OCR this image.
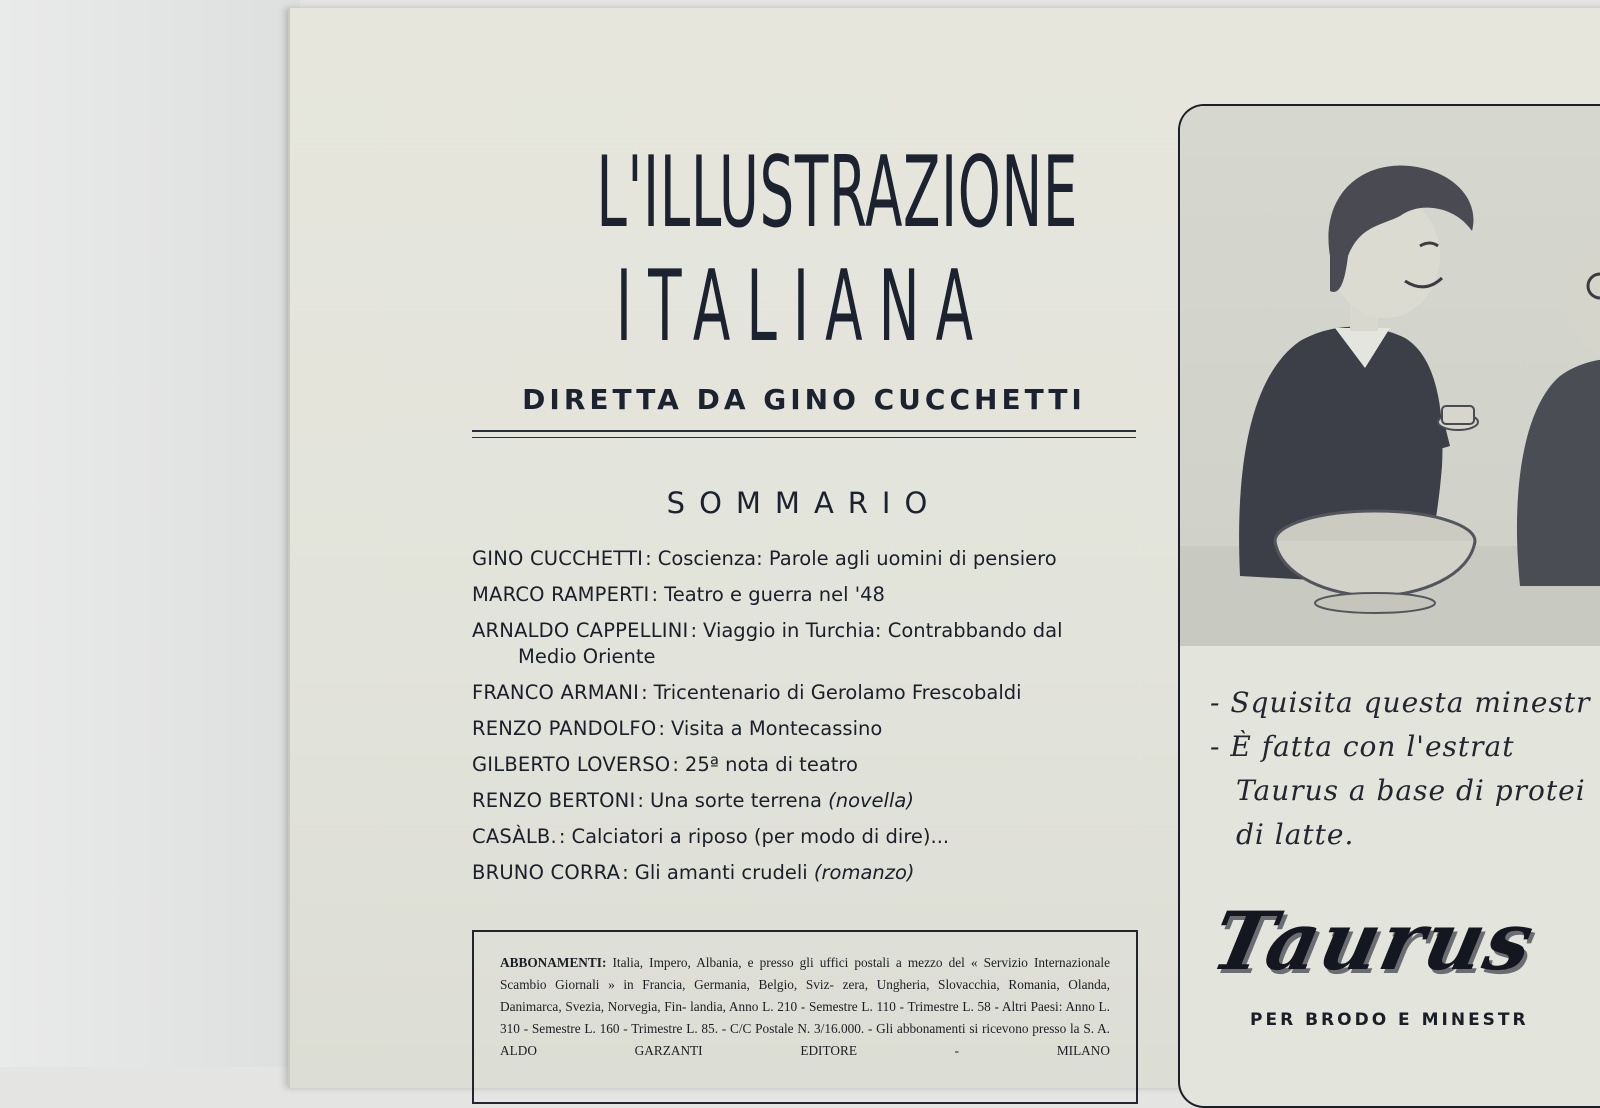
L'ILLUSTRAZIONE
ITALIANA
DIRETTA DA GINO CUCCHETTI
SOMMARIO
GINO CUCCHETTI : Coscienza: Parole agli uomini di pensiero
MARCO RAMPERTI : Teatro e guerra nel '48
ARNALDO CAPPELLINI : Viaggio in Turchia: Contrabbando dal
Medio Oriente
FRANCO ARMANI : Tricentenario di Gerolamo Frescobaldi
RENZO PANDOLFO : Visita a Montecassino
GILBERTO LOVERSO : 25ª nota di teatro
RENZO BERTONI : Una sorte terrena (novella)
CASÀLB. : Calciatori a riposo (per modo di dire)...
BRUNO CORRA : Gli amanti crudeli (romanzo)
ABBONAMENTI: Italia, Impero, Albania, e presso gli uffici postali a mezzo del « Servizio Internazionale Scambio Giornali » in Francia, Germania, Belgio, Sviz- zera, Ungheria, Slovacchia, Romania, Olanda, Danimarca, Svezia, Norvegia, Fin- landia, Anno L. 210 - Semestre L. 110 - Trimestre L. 58 - Altri Paesi: Anno L. 310 - Semestre L. 160 - Trimestre L. 85. - C/C Postale N. 3/16.000. - Gli abbonamenti si ricevono presso la S. A. ALDO GARZANTI EDITORE - MILANO
- Squisita questa minestr
- È fatta con l'estrat

Taurus a base di protei
di latte.
Taurus
PER BRODO E MINESTR
